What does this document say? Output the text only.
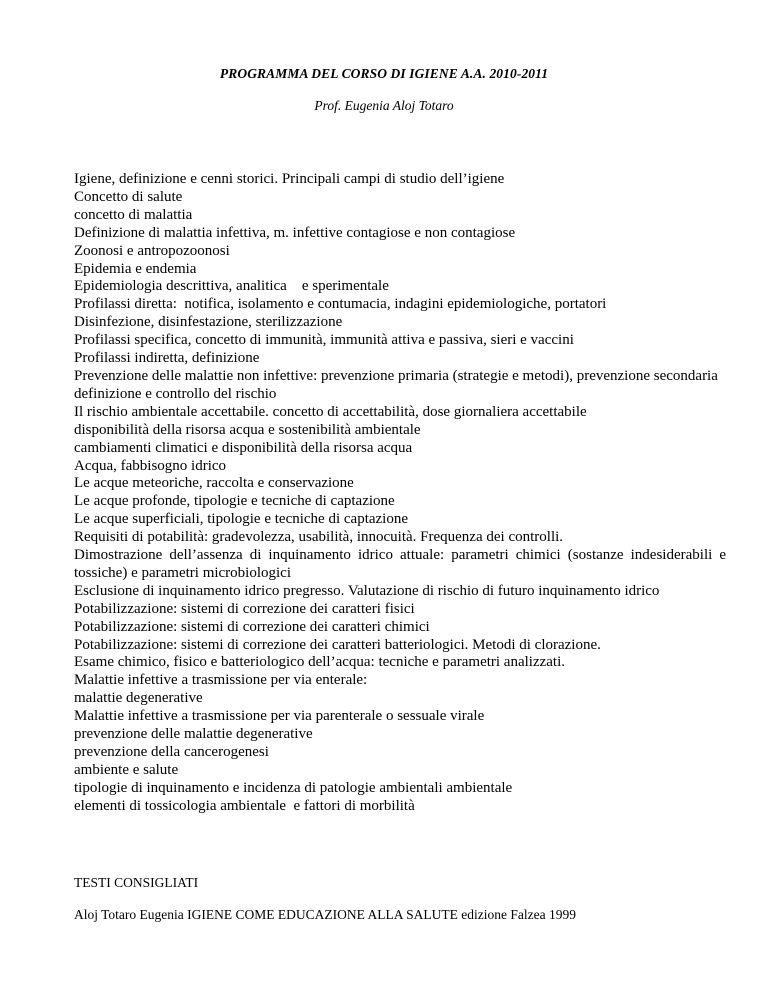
PROGRAMMA DEL CORSO DI IGIENE A.A. 2010-2011
Prof. Eugenia Aloj Totaro
Igiene, definizione e cenni storici. Principali campi di studio dell’igiene
Concetto di salute
concetto di malattia
Definizione di malattia infettiva, m. infettive contagiose e non contagiose
Zoonosi e antropozoonosi
Epidemia e endemia
Epidemiologia descrittiva, analitica    e sperimentale
Profilassi diretta:  notifica, isolamento e contumacia, indagini epidemiologiche, portatori
Disinfezione, disinfestazione, sterilizzazione
Profilassi specifica, concetto di immunità, immunità attiva e passiva, sieri e vaccini
Profilassi indiretta, definizione
Prevenzione delle malattie non infettive: prevenzione primaria (strategie e metodi), prevenzione secondaria
definizione e controllo del rischio
Il rischio ambientale accettabile. concetto di accettabilità, dose giornaliera accettabile
disponibilità della risorsa acqua e sostenibilità ambientale
cambiamenti climatici e disponibilità della risorsa acqua
Acqua, fabbisogno idrico
Le acque meteoriche, raccolta e conservazione
Le acque profonde, tipologie e tecniche di captazione
Le acque superficiali, tipologie e tecniche di captazione
Requisiti di potabilità: gradevolezza, usabilità, innocuità. Frequenza dei controlli.
Dimostrazione dell’assenza di inquinamento idrico attuale: parametri chimici (sostanze indesiderabili e tossiche) e parametri microbiologici
Esclusione di inquinamento idrico pregresso. Valutazione di rischio di futuro inquinamento idrico
Potabilizzazione: sistemi di correzione dei caratteri fisici
Potabilizzazione: sistemi di correzione dei caratteri chimici
Potabilizzazione: sistemi di correzione dei caratteri batteriologici. Metodi di clorazione.
Esame chimico, fisico e batteriologico dell’acqua: tecniche e parametri analizzati.
Malattie infettive a trasmissione per via enterale:
malattie degenerative
Malattie infettive a trasmissione per via parenterale o sessuale virale
prevenzione delle malattie degenerative
prevenzione della cancerogenesi
ambiente e salute
tipologie di inquinamento e incidenza di patologie ambientali ambientale
elementi di tossicologia ambientale  e fattori di morbilità
TESTI CONSIGLIATI
Aloj Totaro Eugenia IGIENE COME EDUCAZIONE ALLA SALUTE edizione Falzea 1999
